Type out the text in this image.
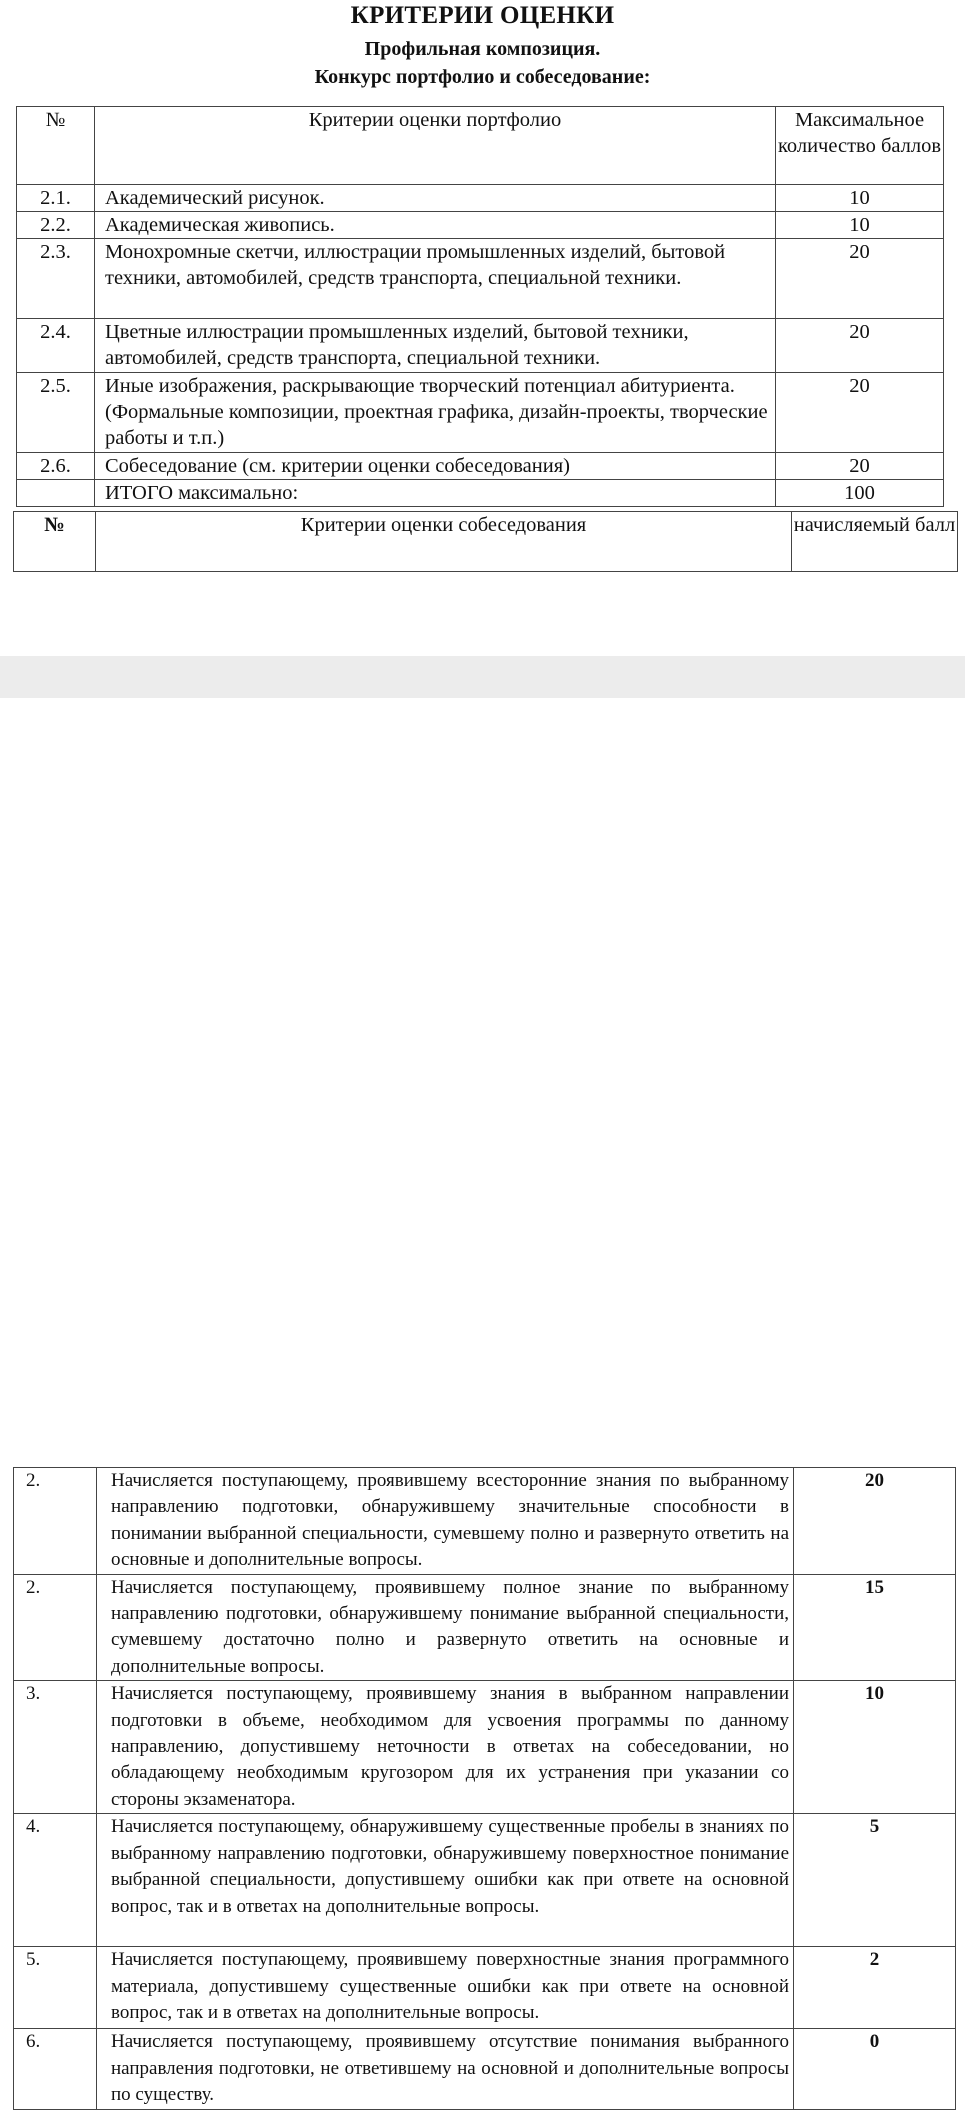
КРИТЕРИИ ОЦЕНКИ
Профильная композиция.
Конкурс портфолио и собеседование:
№	Критерии оценки портфолио	Максимальное количество баллов
2.1.	Академический рисунок.	10
2.2.	Академическая живопись.	10
2.3.	Монохромные скетчи, иллюстрации промышленных изделий, бытовой техники, автомобилей, средств транспорта, специальной техники.	20
2.4.	Цветные иллюстрации промышленных изделий, бытовой техники, автомобилей, средств транспорта, специальной техники.	20
2.5.	Иные изображения, раскрывающие творческий потенциал абитуриента. (Формальные композиции, проектная графика, дизайн-проекты, творческие работы и т.п.)	20
2.6.	Собеседование (см. критерии оценки собеседования)	20
	ИТОГО максимально:	100
№	Критерии оценки собеседования	начисляемый балл
2.	Начисляется поступающему, проявившему всесторонние знания по выбранному направлению подготовки, обнаружившему значительные способности в понимании выбранной специальности, сумевшему полно и развернуто ответить на основные и дополнительные вопросы.	20
2.	Начисляется поступающему, проявившему полное знание по выбранному направлению подготовки, обнаружившему понимание выбранной специальности, сумевшему достаточно полно и развернуто ответить на основные и дополнительные вопросы.	15
3.	Начисляется поступающему, проявившему знания в выбранном направлении подготовки в объеме, необходимом для усвоения программы по данному направлению, допустившему неточности в ответах на собеседовании, но обладающему необходимым кругозором для их устранения при указании со стороны экзаменатора.	10
4.	Начисляется поступающему, обнаружившему существенные пробелы в знаниях по выбранному направлению подготовки, обнаружившему поверхностное понимание выбранной специальности, допустившему ошибки как при ответе на основной вопрос, так и в ответах на дополнительные вопросы.	5
5.	Начисляется поступающему, проявившему поверхностные знания программного материала, допустившему существенные ошибки как при ответе на основной вопрос, так и в ответах на дополнительные вопросы.	2
6.	Начисляется поступающему, проявившему отсутствие понимания выбранного направления подготовки, не ответившему на основной и дополнительные вопросы по существу.	0
